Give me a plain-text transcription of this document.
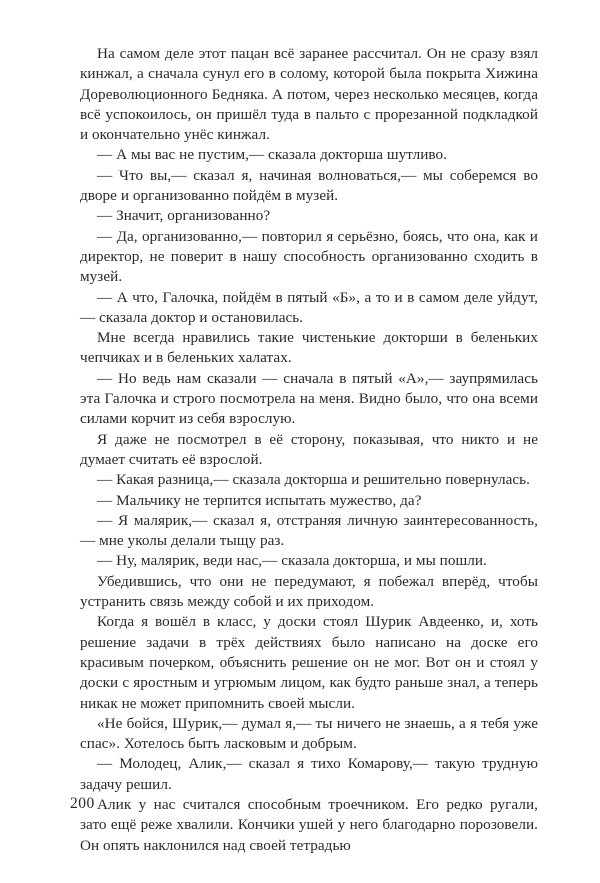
На самом деле этот пацан всё заранее рассчитал. Он не сразу взял кинжал, а сначала сунул его в солому, которой была покрыта Хижина Дореволюционного Бедняка. А потом, через несколько месяцев, когда всё успокоилось, он пришёл туда в пальто с прорезанной подкладкой и окончательно унёс кинжал.

— А мы вас не пустим,— сказала докторша шутливо.

— Что вы,— сказал я, начиная волноваться,— мы соберемся во дворе и организованно пойдём в музей.

— Значит, организованно?

— Да, организованно,— повторил я серьёзно, боясь, что она, как и директор, не поверит в нашу способность организованно сходить в музей.

— А что, Галочка, пойдём в пятый «Б», а то и в самом деле уйдут,— сказала доктор и остановилась.

Мне всегда нравились такие чистенькие докторши в беленьких чепчиках и в беленьких халатах.

— Но ведь нам сказали — сначала в пятый «А»,— заупрямилась эта Галочка и строго посмотрела на меня. Видно было, что она всеми силами корчит из себя взрослую.

Я даже не посмотрел в её сторону, показывая, что никто и не думает считать её взрослой.

— Какая разница,— сказала докторша и решительно повернулась.

— Мальчику не терпится испытать мужество, да?

— Я малярик,— сказал я, отстраняя личную заинтересованность,— мне уколы делали тыщу раз.

— Ну, малярик, веди нас,— сказала докторша, и мы пошли.

Убедившись, что они не передумают, я побежал вперёд, чтобы устранить связь между собой и их приходом.

Когда я вошёл в класс, у доски стоял Шурик Авдеенко, и, хоть решение задачи в трёх действиях было написано на доске его красивым почерком, объяснить решение он не мог. Вот он и стоял у доски с яростным и угрюмым лицом, как будто раньше знал, а теперь никак не может припомнить своей мысли.

«Не бойся, Шурик,— думал я,— ты ничего не знаешь, а я тебя уже спас». Хотелось быть ласковым и добрым.

— Молодец, Алик,— сказал я тихо Комарову,— такую трудную задачу решил.

Алик у нас считался способным троечником. Его редко ругали, зато ещё реже хвалили. Кончики ушей у него благодарно порозовели. Он опять наклонился над своей тетрадью

200
